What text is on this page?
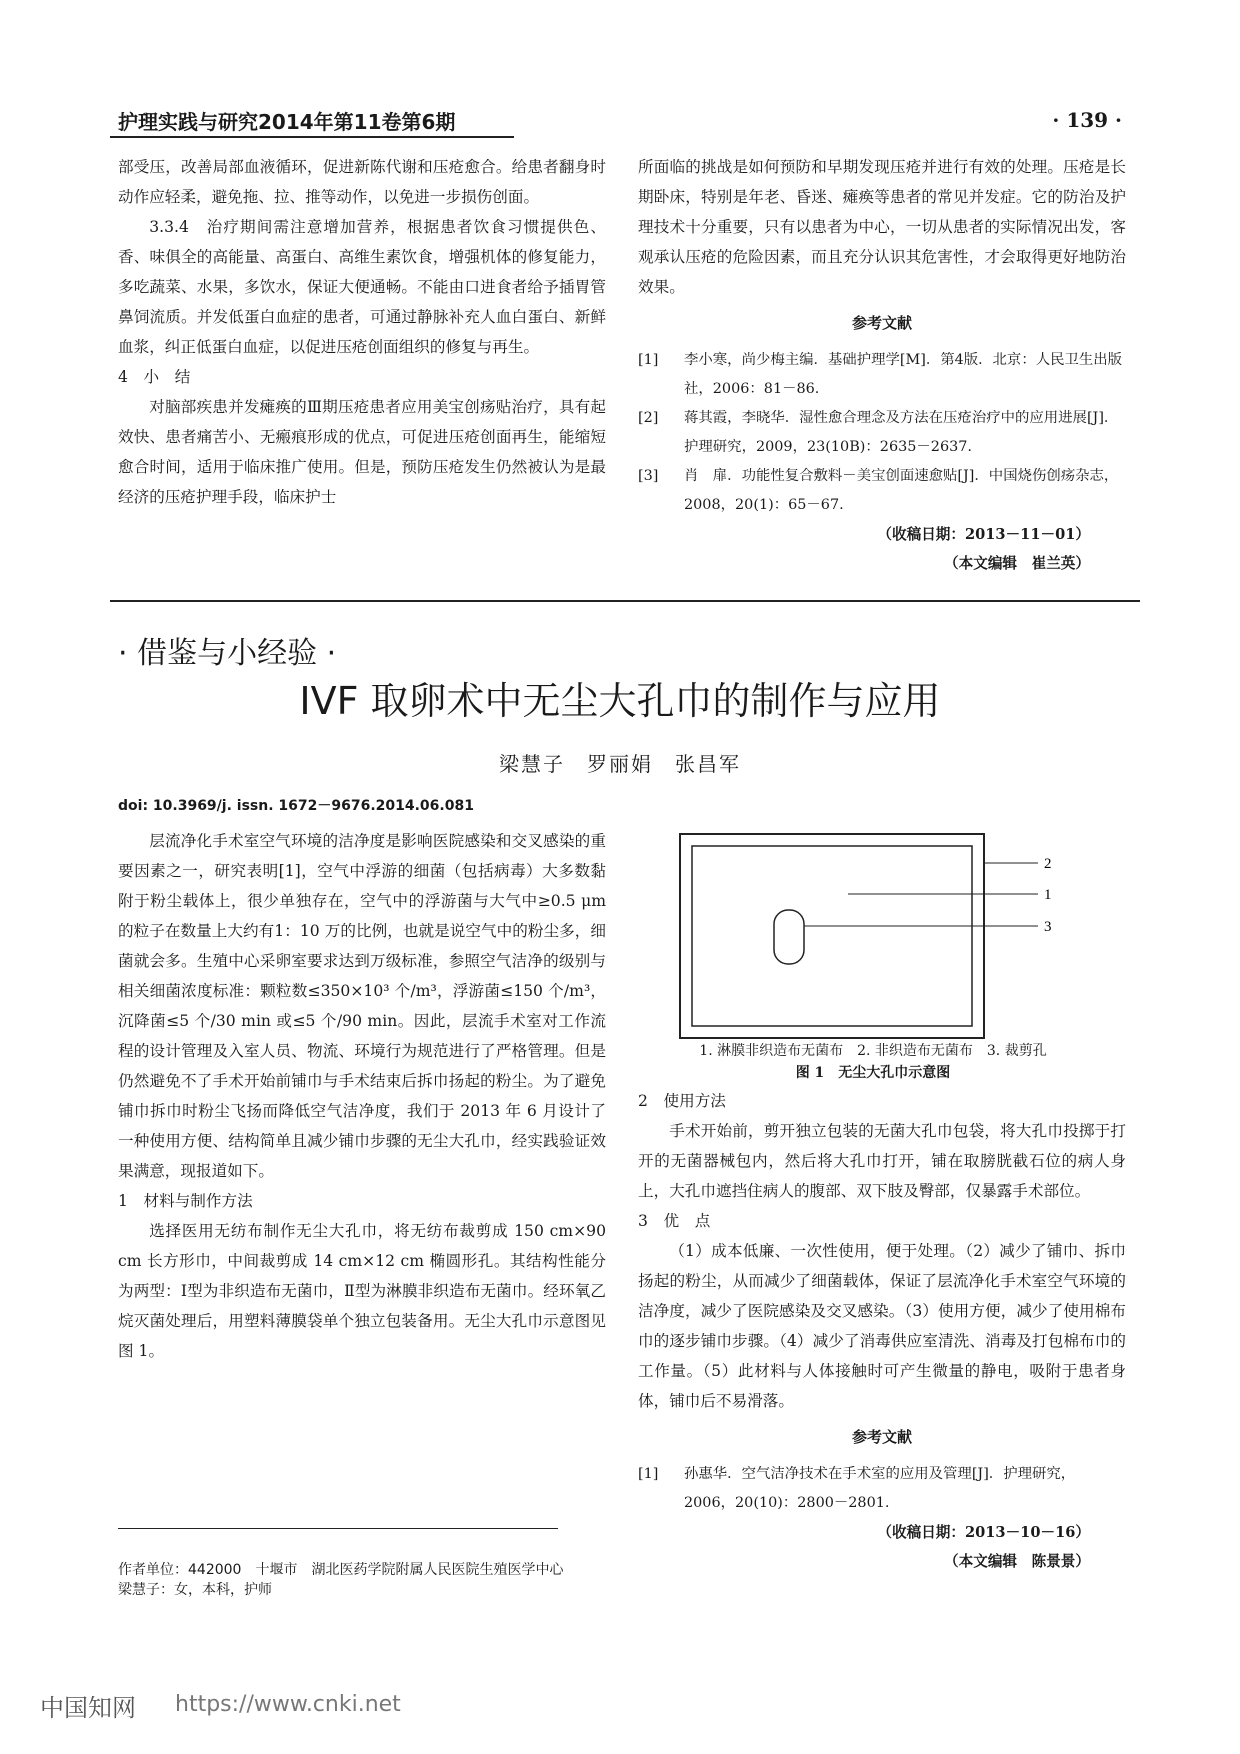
护理实践与研究2014年第11卷第6期	· 139 ·

部受压，改善局部血液循环，促进新陈代谢和压疮愈合。给患者翻身时动作应轻柔，避免拖、拉、推等动作，以免进一步损伤创面。

3.3.4　治疗期间需注意增加营养，根据患者饮食习惯提供色、香、味俱全的高能量、高蛋白、高维生素饮食，增强机体的修复能力，多吃蔬菜、水果，多饮水，保证大便通畅。不能由口进食者给予插胃管鼻饲流质。并发低蛋白血症的患者，可通过静脉补充人血白蛋白、新鲜血浆，纠正低蛋白血症，以促进压疮创面组织的修复与再生。

4　小　结

对脑部疾患并发瘫痪的Ⅲ期压疮患者应用美宝创疡贴治疗，具有起效快、患者痛苦小、无瘢痕形成的优点，可促进压疮创面再生，能缩短愈合时间，适用于临床推广使用。但是，预防压疮发生仍然被认为是最经济的压疮护理手段，临床护士

所面临的挑战是如何预防和早期发现压疮并进行有效的处理。压疮是长期卧床，特别是年老、昏迷、瘫痪等患者的常见并发症。它的防治及护理技术十分重要，只有以患者为中心，一切从患者的实际情况出发，客观承认压疮的危险因素，而且充分认识其危害性，才会取得更好地防治效果。

参考文献
[1]	李小寒，尚少梅主编．基础护理学[M]．第4版．北京：人民卫生出版社，2006：81－86.
[2]	蒋其霞，李晓华．湿性愈合理念及方法在压疮治疗中的应用进展[J]．护理研究，2009，23(10B)：2635－2637.
[3]	肖　扉．功能性复合敷料－美宝创面速愈贴[J]．中国烧伤创疡杂志，2008，20(1)：65－67.
（收稿日期：2013－11－01）
（本文编辑　崔兰英）
· 借鉴与小经验 ·
IVF 取卵术中无尘大孔巾的制作与应用
梁慧子　罗丽娟　张昌军
doi: 10.3969/j. issn. 1672－9676.2014.06.081

层流净化手术室空气环境的洁净度是影响医院感染和交叉感染的重要因素之一，研究表明[1]，空气中浮游的细菌（包括病毒）大多数黏附于粉尘载体上，很少单独存在，空气中的浮游菌与大气中≥0.5 μm 的粒子在数量上大约有1：10 万的比例，也就是说空气中的粉尘多，细菌就会多。生殖中心采卵室要求达到万级标准，参照空气洁净的级别与相关细菌浓度标准：颗粒数≤350×10³ 个/m³，浮游菌≤150 个/m³，沉降菌≤5 个/30 min 或≤5 个/90 min。因此，层流手术室对工作流程的设计管理及入室人员、物流、环境行为规范进行了严格管理。但是仍然避免不了手术开始前铺巾与手术结束后拆巾扬起的粉尘。为了避免铺巾拆巾时粉尘飞扬而降低空气洁净度，我们于 2013 年 6 月设计了一种使用方便、结构简单且减少铺巾步骤的无尘大孔巾，经实践验证效果满意，现报道如下。

1　材料与制作方法

选择医用无纺布制作无尘大孔巾，将无纺布裁剪成 150 cm×90 cm 长方形巾，中间裁剪成 14 cm×12 cm 椭圆形孔。其结构性能分为两型：Ⅰ型为非织造布无菌巾，Ⅱ型为淋膜非织造布无菌巾。经环氧乙烷灭菌处理后，用塑料薄膜袋单个独立包装备用。无尘大孔巾示意图见图 1。

2
1
3
1. 淋膜非织造布无菌布　2. 非织造布无菌布　3. 裁剪孔
图 1　无尘大孔巾示意图

2　使用方法

手术开始前，剪开独立包装的无菌大孔巾包袋，将大孔巾投掷于打开的无菌器械包内，然后将大孔巾打开，铺在取膀胱截石位的病人身上，大孔巾遮挡住病人的腹部、双下肢及臀部，仅暴露手术部位。

3　优　点

（1）成本低廉、一次性使用，便于处理。（2）减少了铺巾、拆巾扬起的粉尘，从而减少了细菌载体，保证了层流净化手术室空气环境的洁净度，减少了医院感染及交叉感染。（3）使用方便，减少了使用棉布巾的逐步铺巾步骤。（4）减少了消毒供应室清洗、消毒及打包棉布巾的工作量。（5）此材料与人体接触时可产生微量的静电，吸附于患者身体，铺巾后不易滑落。

参考文献
[1]	孙惠华．空气洁净技术在手术室的应用及管理[J]．护理研究，2006，20(10)：2800－2801.
（收稿日期：2013－10－16）
（本文编辑　陈景景）
作者单位：442000　十堰市　湖北医药学院附属人民医院生殖医学中心
梁慧子：女，本科，护师
中国知网 https://www.cnki.net
